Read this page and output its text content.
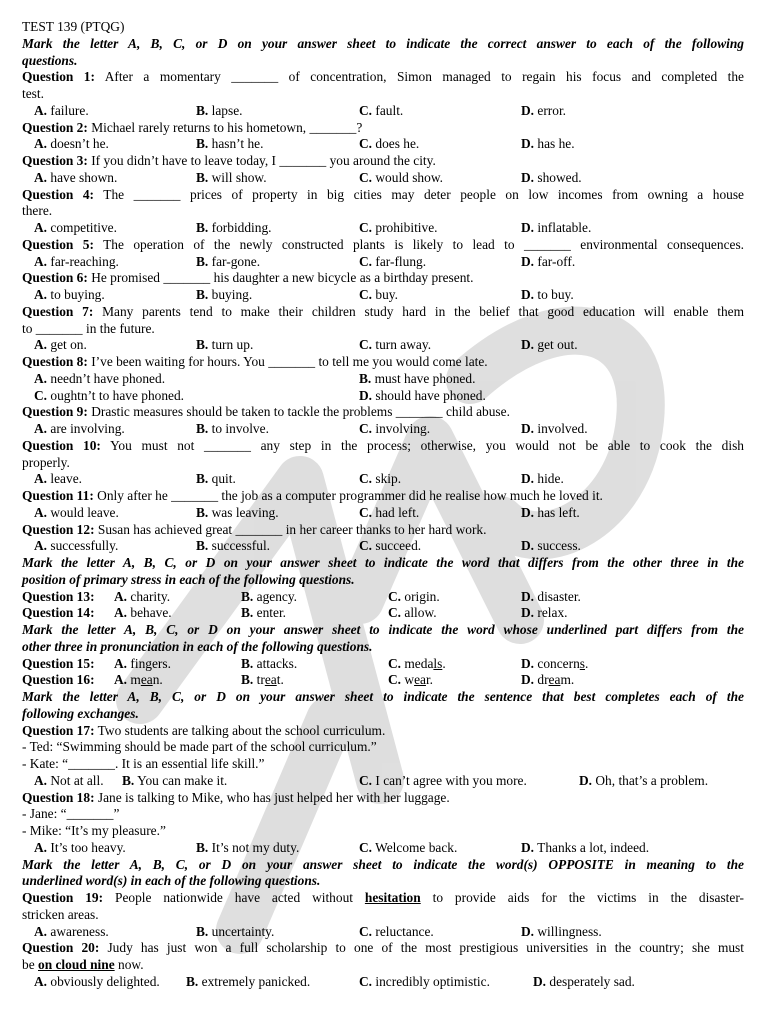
TEST 139 (PTQG)
Mark the letter A, B, C, or D on your answer sheet to indicate the correct answer to each of the following
questions.
Question 1: After a momentary _______ of concentration, Simon managed to regain his focus and completed the
test.
A. failure.	B. lapse.	C. fault.	D. error.
Question 2: Michael rarely returns to his hometown, _______?
A. doesn’t he.	B. hasn’t he.	C. does he.	D. has he.
Question 3: If you didn’t have to leave today, I _______ you around the city.
A. have shown.	B. will show.	C. would show.	D. showed.
Question 4: The _______ prices of property in big cities may deter people on low incomes from owning a house
there.
A. competitive.	B. forbidding.	C. prohibitive.	D. inflatable.
Question 5: The operation of the newly constructed plants is likely to lead to _______ environmental consequences.
A. far-reaching.	B. far-gone.	C. far-flung.	D. far-off.
Question 6: He promised _______ his daughter a new bicycle as a birthday present.
A. to buying.	B. buying.	C. buy.	D. to buy.
Question 7: Many parents tend to make their children study hard in the belief that good education will enable them
to _______ in the future.
A. get on.	B. turn up.	C. turn away.	D. get out.
Question 8: I’ve been waiting for hours. You _______ to tell me you would come late.
A. needn’t have phoned.	B. must have phoned.
C. oughtn’t to have phoned.	D. should have phoned.
Question 9: Drastic measures should be taken to tackle the problems _______ child abuse.
A. are involving.	B. to involve.	C. involving.	D. involved.
Question 10: You must not _______ any step in the process; otherwise, you would not be able to cook the dish
properly.
A. leave.	B. quit.	C. skip.	D. hide.
Question 11: Only after he _______ the job as a computer programmer did he realise how much he loved it.
A. would leave.	B. was leaving.	C. had left.	D. has left.
Question 12: Susan has achieved great _______ in her career thanks to her hard work.
A. successfully.	B. successful.	C. succeed.	D. success.
Mark the letter A, B, C, or D on your answer sheet to indicate the word that differs from the other three in the
position of primary stress in each of the following questions.
Question 13: A. charity.	B. agency.	C. origin.	D. disaster.
Question 14: A. behave.	B. enter.	C. allow.	D. relax.
Mark the letter A, B, C, or D on your answer sheet to indicate the word whose underlined part differs from the
other three in pronunciation in each of the following questions.
Question 15: A. fingers.	B. attacks.	C. medals.	D. concerns.
Question 16: A. mean.	B. treat.	C. wear.	D. dream.
Mark the letter A, B, C, or D on your answer sheet to indicate the sentence that best completes each of the
following exchanges.
Question 17: Two students are talking about the school curriculum.
- Ted: “Swimming should be made part of the school curriculum.”
- Kate: “_______. It is an essential life skill.”
A. Not at all. B. You can make it.	C. I can’t agree with you more.	D. Oh, that’s a problem.
Question 18: Jane is talking to Mike, who has just helped her with her luggage.
- Jane: “_______”
- Mike: “It’s my pleasure.”
A. It’s too heavy.	B. It’s not my duty.	C. Welcome back.	D. Thanks a lot, indeed.
Mark the letter A, B, C, or D on your answer sheet to indicate the word(s) OPPOSITE in meaning to the
underlined word(s) in each of the following questions.
Question 19: People nationwide have acted without hesitation to provide aids for the victims in the disaster-
stricken areas.
A. awareness.	B. uncertainty.	C. reluctance.	D. willingness.
Question 20: Judy has just won a full scholarship to one of the most prestigious universities in the country; she must
be on cloud nine now.
A. obviously delighted. B. extremely panicked.	C. incredibly optimistic.	D. desperately sad.
